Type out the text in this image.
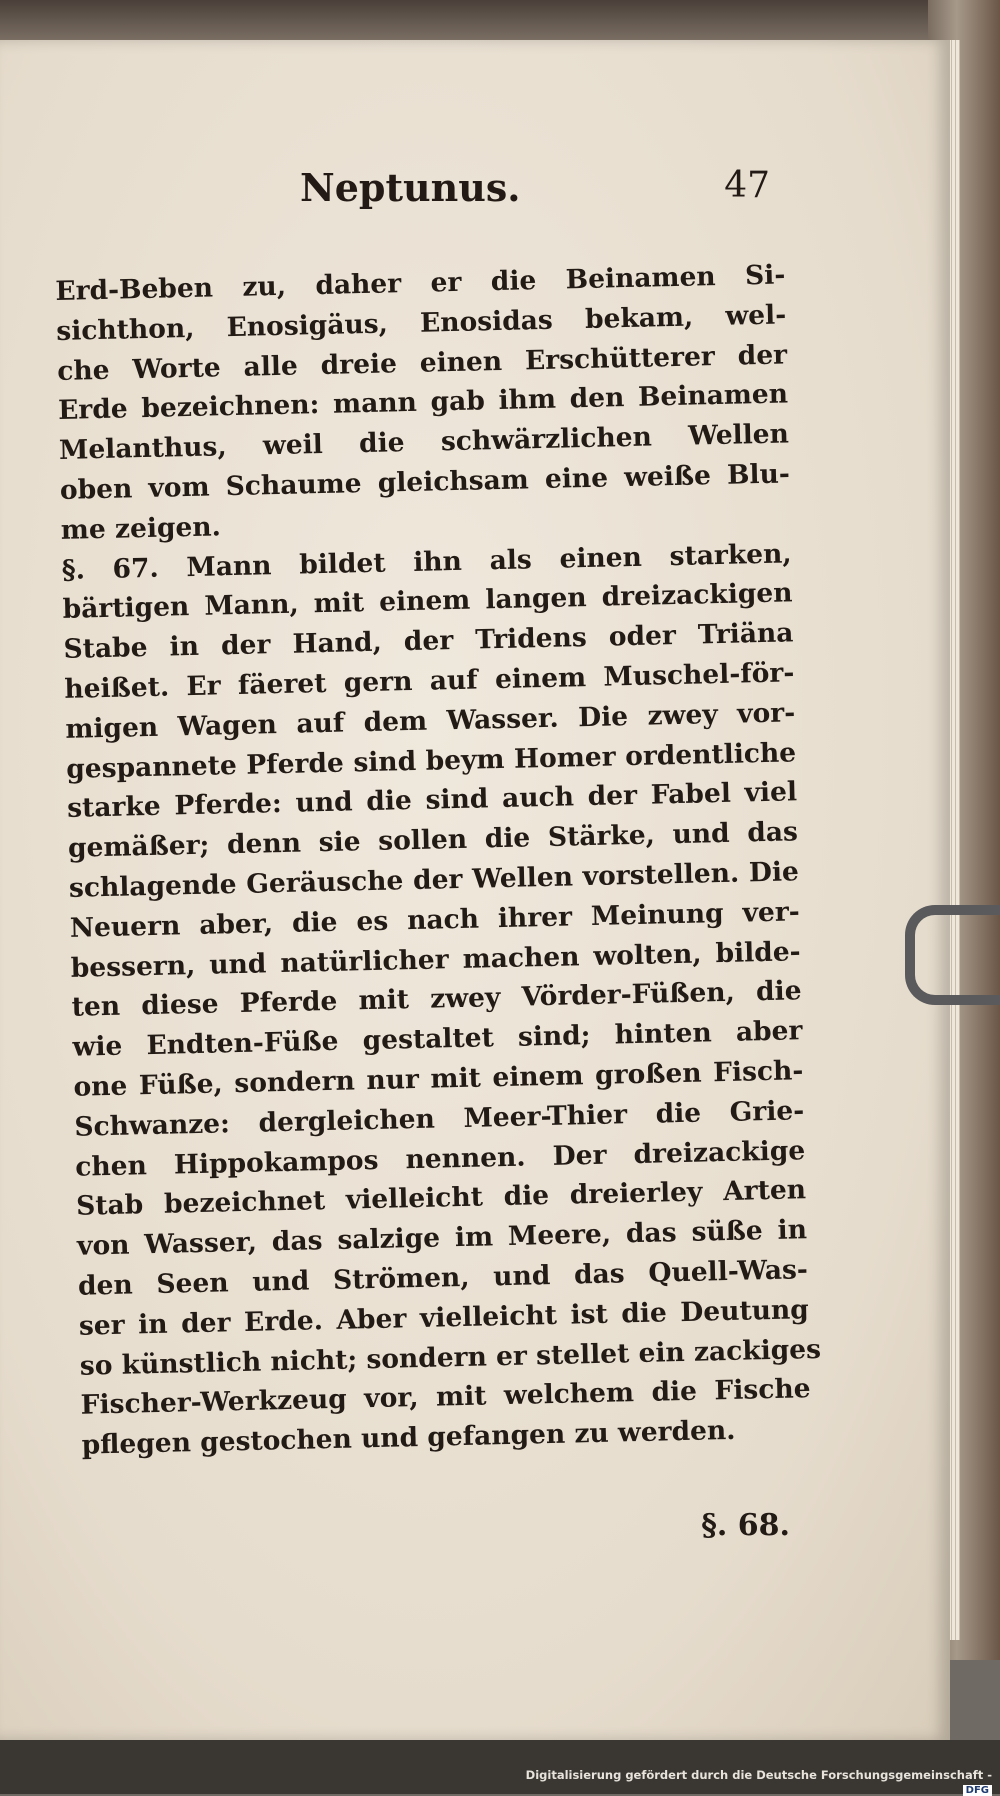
Neptunus.	47
Erd-Beben zu, daher er die Beinamen Si-
sichthon, Enosigäus, Enosidas bekam, wel-
che Worte alle dreie einen Erschütterer der
Erde bezeichnen: mann gab ihm den Beinamen
Melanthus, weil die schwärzlichen Wellen
oben vom Schaume gleichsam eine weiße Blu-
me zeigen.
§. 67. Mann bildet ihn als einen starken,
bärtigen Mann, mit einem langen dreizackigen
Stabe in der Hand, der Tridens oder Triäna
heißet. Er fäeret gern auf einem Muschel-för-
migen Wagen auf dem Wasser. Die zwey vor-
gespannete Pferde sind beym Homer ordentliche
starke Pferde: und die sind auch der Fabel viel
gemäßer; denn sie sollen die Stärke, und das
schlagende Geräusche der Wellen vorstellen. Die
Neuern aber, die es nach ihrer Meinung ver-
bessern, und natürlicher machen wolten, bilde-
ten diese Pferde mit zwey Vörder-Füßen, die
wie Endten-Füße gestaltet sind; hinten aber
one Füße, sondern nur mit einem großen Fisch-
Schwanze: dergleichen Meer-Thier die Grie-
chen Hippokampos nennen. Der dreizackige
Stab bezeichnet vielleicht die dreierley Arten
von Wasser, das salzige im Meere, das süße in
den Seen und Strömen, und das Quell-Was-
ser in der Erde. Aber vielleicht ist die Deutung
so künstlich nicht; sondern er stellet ein zackiges
Fischer-Werkzeug vor, mit welchem die Fische
pflegen gestochen und gefangen zu werden.
§. 68.
Digitalisierung gefördert durch die Deutsche Forschungsgemeinschaft - DFG
